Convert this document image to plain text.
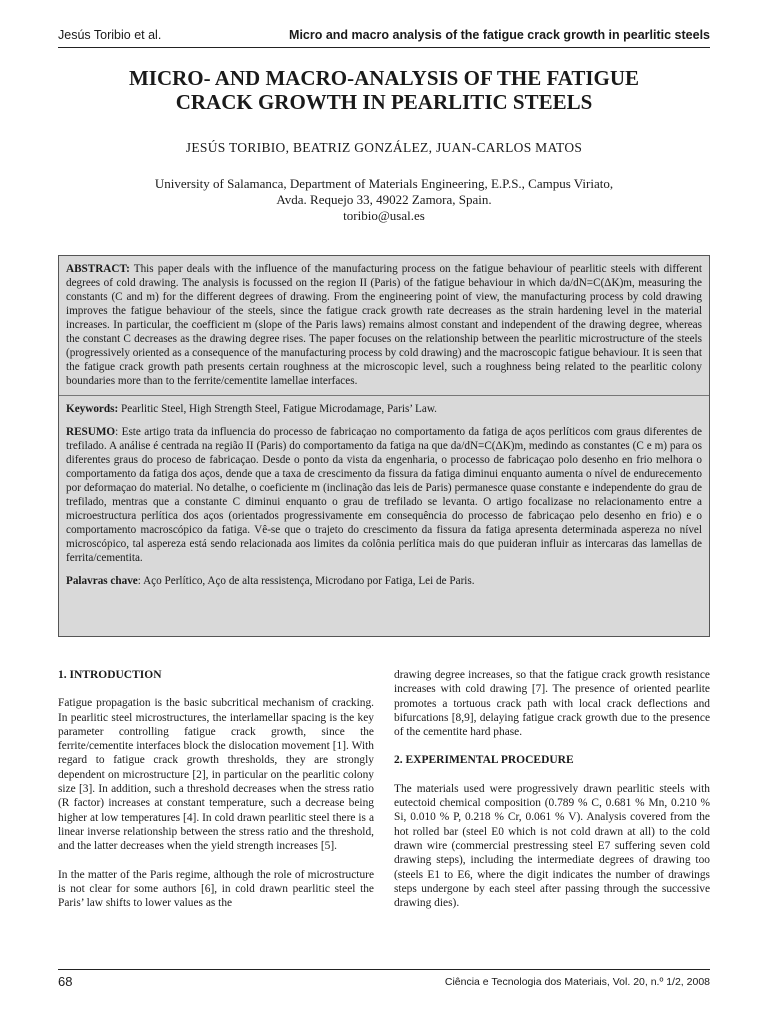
Jesús Toribio et al.	Micro and macro analysis of the fatigue crack growth in pearlitic steels
MICRO- AND MACRO-ANALYSIS OF THE FATIGUE
CRACK GROWTH IN PEARLITIC STEELS
JESÚS TORIBIO, BEATRIZ GONZÁLEZ, JUAN-CARLOS MATOS
University of Salamanca, Department of Materials Engineering, E.P.S., Campus Viriato,
Avda. Requejo 33, 49022 Zamora, Spain.
toribio@usal.es

ABSTRACT: This paper deals with the influence of the manufacturing process on the fatigue behaviour of pearlitic steels with different degrees of cold drawing. The analysis is focussed on the region II (Paris) of the fatigue behaviour in which da/dN=C(ΔK)m, measuring the constants (C and m) for the different degrees of drawing. From the engineering point of view, the manufacturing process by cold drawing improves the fatigue behaviour of the steels, since the fatigue crack growth rate decreases as the strain hardening level in the material increases. In particular, the coefficient m (slope of the Paris laws) remains almost constant and independent of the drawing degree, whereas the constant C decreases as the drawing degree rises. The paper focuses on the relationship between the pearlitic microstructure of the steels (progressively oriented as a consequence of the manufacturing process by cold drawing) and the macroscopic fatigue behaviour. It is seen that the fatigue crack growth path presents certain roughness at the microscopic level, such a roughness being related to the pearlitic colony boundaries more than to the ferrite/cementite lamellae interfaces.

Keywords: Pearlitic Steel, High Strength Steel, Fatigue Microdamage, Paris’ Law.

RESUMO: Este artigo trata da influencia do processo de fabricaçao no comportamento da fatiga de aços perlíticos com graus diferentes de trefilado. A análise é centrada na região II (Paris) do comportamento da fatiga na que da/dN=C(ΔK)m, medindo as constantes (C e m) para os diferentes graus do proceso de fabricaçao. Desde o ponto da vista da engenharia, o processo de fabricaçao polo desenho en frio melhora o comportamento da fatiga dos aços, dende que a taxa de crescimento da fissura da fatiga diminui enquanto aumenta o nível de endurecemento por deformaçao do material. No detalhe, o coeficiente m (inclinação das leis de Paris) permanesce quase constante e independente do grau de trefilado, mentras que a constante C diminui enquanto o grau de trefilado se levanta. O artigo focalizase no relacionamento entre a microestructura perlítica dos aços (orientados progressivamente em consequência do processo de fabricaçao pelo desenho en frio) e o comportamento macroscópico da fatiga. Vê-se que o trajeto do crescimento da fissura da fatiga apresenta determinada aspereza no nível microscópico, tal aspereza está sendo relacionada aos limites da colônia perlítica mais do que puideran influir as intercaras das lamellas de ferrita/cementita.

Palavras chave: Aço Perlítico, Aço de alta ressistença, Microdano por Fatiga, Lei de Paris.

1. INTRODUCTION

Fatigue propagation is the basic subcritical mechanism of cracking. In pearlitic steel microstructures, the interlamellar spacing is the key parameter controlling fatigue crack growth, since the ferrite/cementite interfaces block the dislocation movement [1]. With regard to fatigue crack growth thresholds, they are strongly dependent on microstructure [2], in particular on the pearlitic colony size [3]. In addition, such a threshold decreases when the stress ratio (R factor) increases at constant temperature, such a decrease being higher at low temperatures [4]. In cold drawn pearlitic steel there is a linear inverse relationship between the stress ratio and the threshold, and the latter decreases when the yield strength increases [5].

In the matter of the Paris regime, although the role of microstructure is not clear for some authors [6], in cold drawn pearlitic steel the Paris’ law shifts to lower values as the

drawing degree increases, so that the fatigue crack growth resistance increases with cold drawing [7]. The presence of oriented pearlite promotes a tortuous crack path with local crack deflections and bifurcations [8,9], delaying fatigue crack growth due to the presence of the cementite hard phase.

2. EXPERIMENTAL PROCEDURE

The materials used were progressively drawn pearlitic steels with eutectoid chemical composition (0.789 % C, 0.681 % Mn, 0.210 % Si, 0.010 % P, 0.218 % Cr, 0.061 % V). Analysis covered from the hot rolled bar (steel E0 which is not cold drawn at all) to the cold drawn wire (commercial prestressing steel E7 suffering seven cold drawing steps), including the intermediate degrees of drawing too (steels E1 to E6, where the digit indicates the number of drawings steps undergone by each steel after passing through the successive drawing dies).

68	Ciência e Tecnologia dos Materiais, Vol. 20, n.º 1/2, 2008
